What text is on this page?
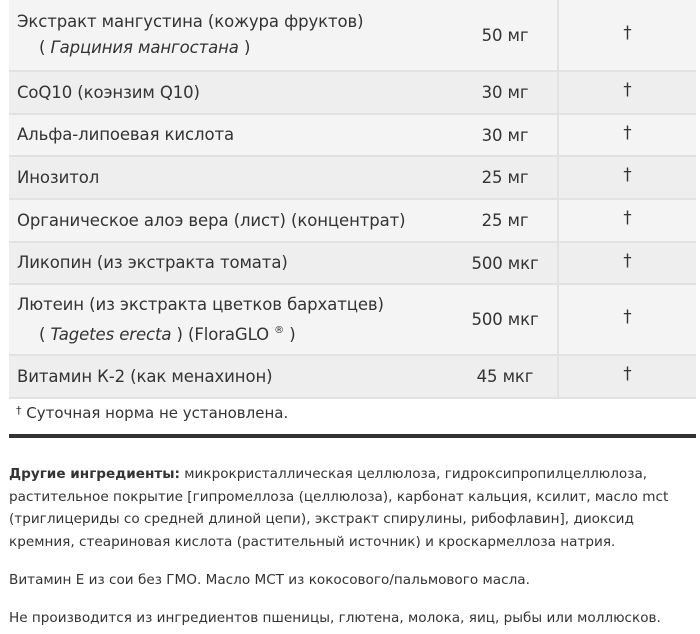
Экстракт мангустина (кожура фруктов)
( Гарциния мангостана )	50 мг	†
CoQ10 (коэнзим Q10)	30 мг	†
Альфа-липоевая кислота	30 мг	†
Инозитол	25 мг	†
Органическое алоэ вера (лист) (концентрат)	25 мг	†
Ликопин (из экстракта томата)	500 мкг	†
Лютеин (из экстракта цветков бархатцев)
( Tagetes erecta ) (FloraGLO ® )	500 мкг	†
Витамин К-2 (как менахинон)	45 мкг	†
† Суточная норма не установлена.

Другие ингредиенты: микрокристаллическая целлюлоза, гидроксипропилцеллюлоза, растительное покрытие [гипромеллоза (целлюлоза), карбонат кальция, ксилит, масло mct (триглицериды со средней длиной цепи), экстракт спирулины, рибофлавин], диоксид кремния, стеариновая кислота (растительный источник) и кроскармеллоза натрия.

Витамин Е из сои без ГМО. Масло МСТ из кокосового/пальмового масла.

Не производится из ингредиентов пшеницы, глютена, молока, яиц, рыбы или моллюсков.
